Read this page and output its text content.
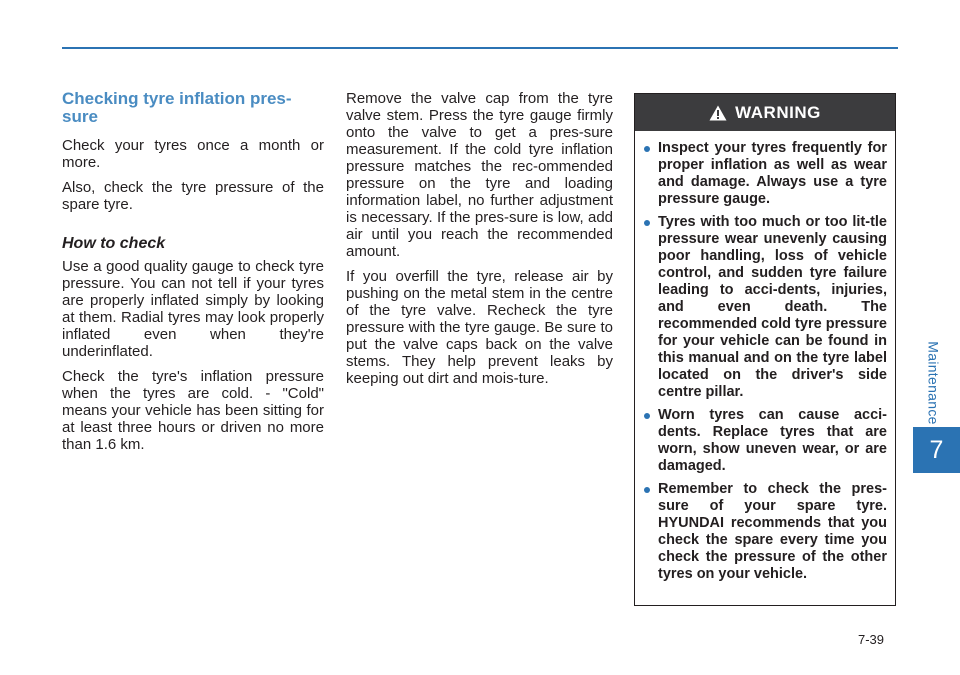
Maintenance
7
Checking tyre inflation pres-sure

Check your tyres once a month or more.

Also, check the tyre pressure of the spare tyre.

How to check

Use a good quality gauge to check tyre pressure. You can not tell if your tyres are properly inflated simply by looking at them. Radial tyres may look properly inflated even when they're underinflated.

Check the tyre's inflation pressure when the tyres are cold. - "Cold" means your vehicle has been sitting for at least three hours or driven no more than 1.6 km.

Remove the valve cap from the tyre valve stem. Press the tyre gauge firmly onto the valve to get a pres-sure measurement. If the cold tyre inflation pressure matches the rec-ommended pressure on the tyre and loading information label, no further adjustment is necessary. If the pres-sure is low, add air until you reach the recommended amount.

If you overfill the tyre, release air by pushing on the metal stem in the centre of the tyre valve. Recheck the tyre pressure with the tyre gauge. Be sure to put the valve caps back on the valve stems. They help prevent leaks by keeping out dirt and mois-ture.

WARNING
Inspect your tyres frequently for proper inflation as well as wear and damage. Always use a tyre pressure gauge.
Tyres with too much or too lit-tle pressure wear unevenly causing poor handling, loss of vehicle control, and sudden tyre failure leading to acci-dents, injuries, and even death. The recommended cold tyre pressure for your vehicle can be found in this manual and on the tyre label located on the driver's side centre pillar.
Worn tyres can cause acci-dents. Replace tyres that are worn, show uneven wear, or are damaged.
Remember to check the pres-sure of your spare tyre. HYUNDAI recommends that you check the spare every time you check the pressure of the other tyres on your vehicle.
7-39
